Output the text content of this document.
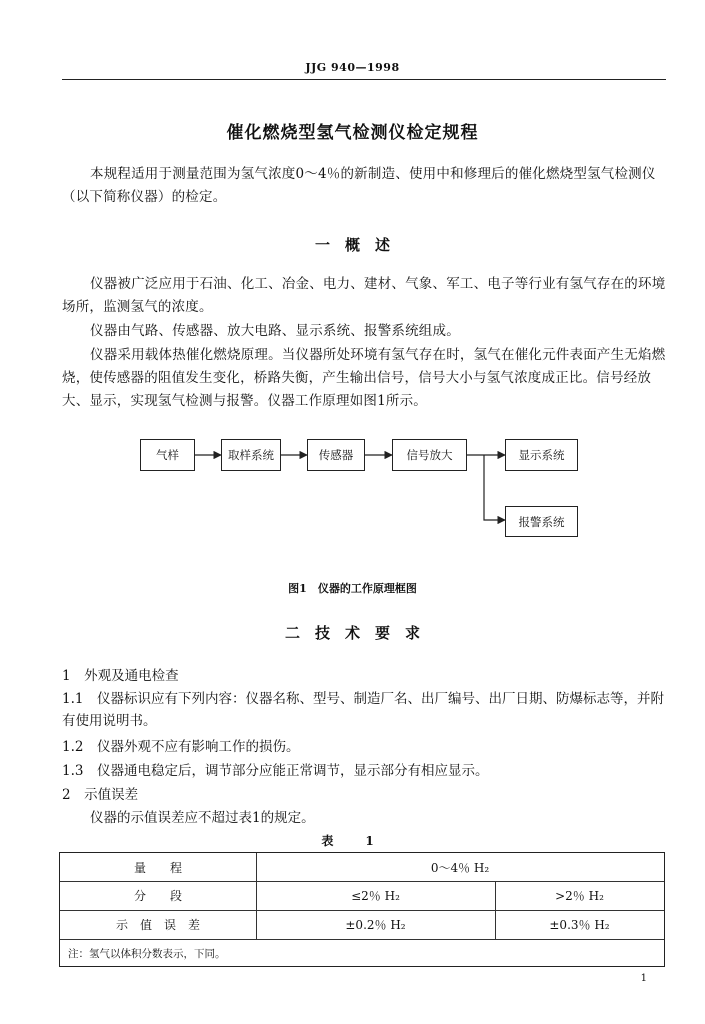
JJG 940—1998
催化燃烧型氢气检测仪检定规程
本规程适用于测量范围为氢气浓度0～4％的新制造、使用中和修理后的催化燃烧型氢气检测仪（以下简称仪器）的检定。
一　概　述
仪器被广泛应用于石油、化工、冶金、电力、建材、气象、军工、电子等行业有氢气存在的环境场所，监测氢气的浓度。
仪器由气路、传感器、放大电路、显示系统、报警系统组成。
仪器采用载体热催化燃烧原理。当仪器所处环境有氢气存在时，氢气在催化元件表面产生无焰燃烧，使传感器的阻值发生变化，桥路失衡，产生输出信号，信号大小与氢气浓度成正比。信号经放大、显示，实现氢气检测与报警。仪器工作原理如图1所示。
气样	取样系统	传感器	信号放大	显示系统
报警系统
图1　仪器的工作原理框图
二　技　术　要　求
1　外观及通电检查
1.1　仪器标识应有下列内容：仪器名称、型号、制造厂名、出厂编号、出厂日期、防爆标志等，并附有使用说明书。
1.2　仪器外观不应有影响工作的损伤。
1.3　仪器通电稳定后，调节部分应能正常调节，显示部分有相应显示。
2　示值误差
仪器的示值误差应不超过表1的规定。
表　1
量　　程	0～4％ H₂
分　　段	≤2％ H₂	>2％ H₂
示　值　误　差	±0.2％ H₂	±0.3％ H₂
注：氢气以体积分数表示，下同。
1
